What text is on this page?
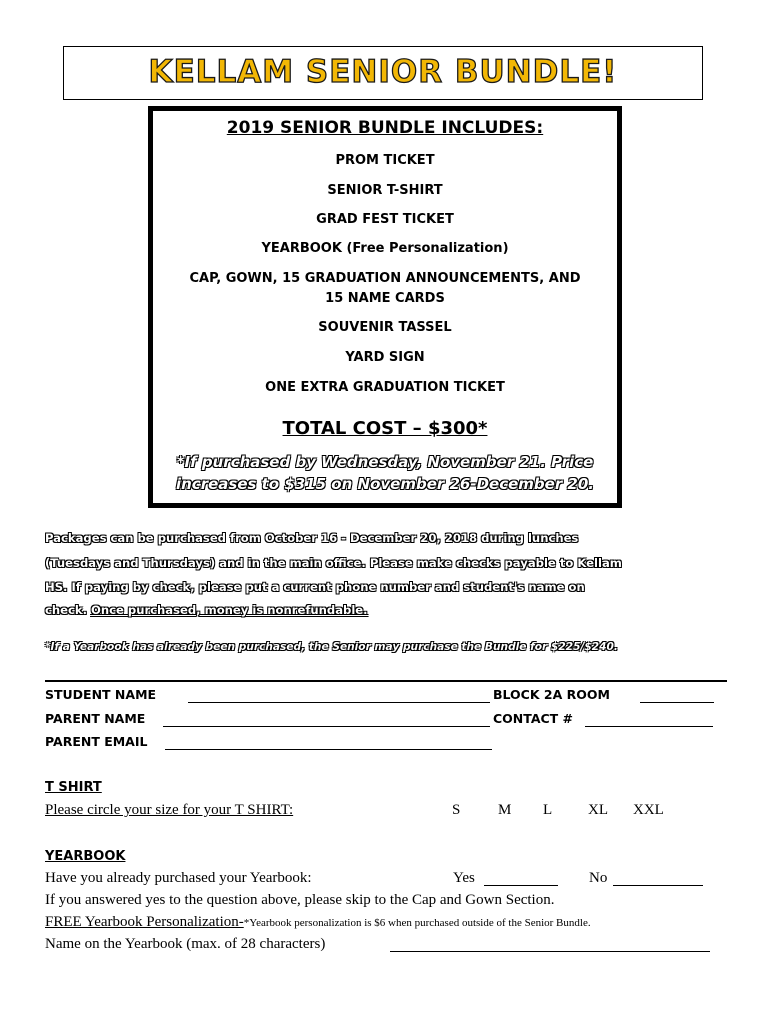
KELLAM SENIOR BUNDLE!
2019 SENIOR BUNDLE INCLUDES:
PROM TICKET
SENIOR T-SHIRT
GRAD FEST TICKET
YEARBOOK (Free Personalization)
CAP, GOWN, 15 GRADUATION ANNOUNCEMENTS, AND
15 NAME CARDS
SOUVENIR TASSEL
YARD SIGN
ONE EXTRA GRADUATION TICKET
TOTAL COST – $300*
*If purchased by Wednesday, November 21. Price
increases to $315 on November 26-December 20.
Packages can be purchased from October 16 - December 20, 2018 during lunches
(Tuesdays and Thursdays) and in the main office. Please make checks payable to Kellam
HS. If paying by check, please put a current phone number and student's name on
check. Once purchased, money is nonrefundable.
*If a Yearbook has already been purchased, the Senior may purchase the Bundle for $225/$240.
STUDENT NAME	BLOCK 2A ROOM
PARENT NAME	CONTACT #
PARENT EMAIL
T SHIRT
Please circle your size for your T SHIRT:	S	M L XL XXL
YEARBOOK
Have you already purchased your Yearbook:	Yes	No
If you answered yes to the question above, please skip to the Cap and Gown Section.
FREE Yearbook Personalization-*Yearbook personalization is $6 when purchased outside of the Senior Bundle.
Name on the Yearbook (max. of 28 characters)
